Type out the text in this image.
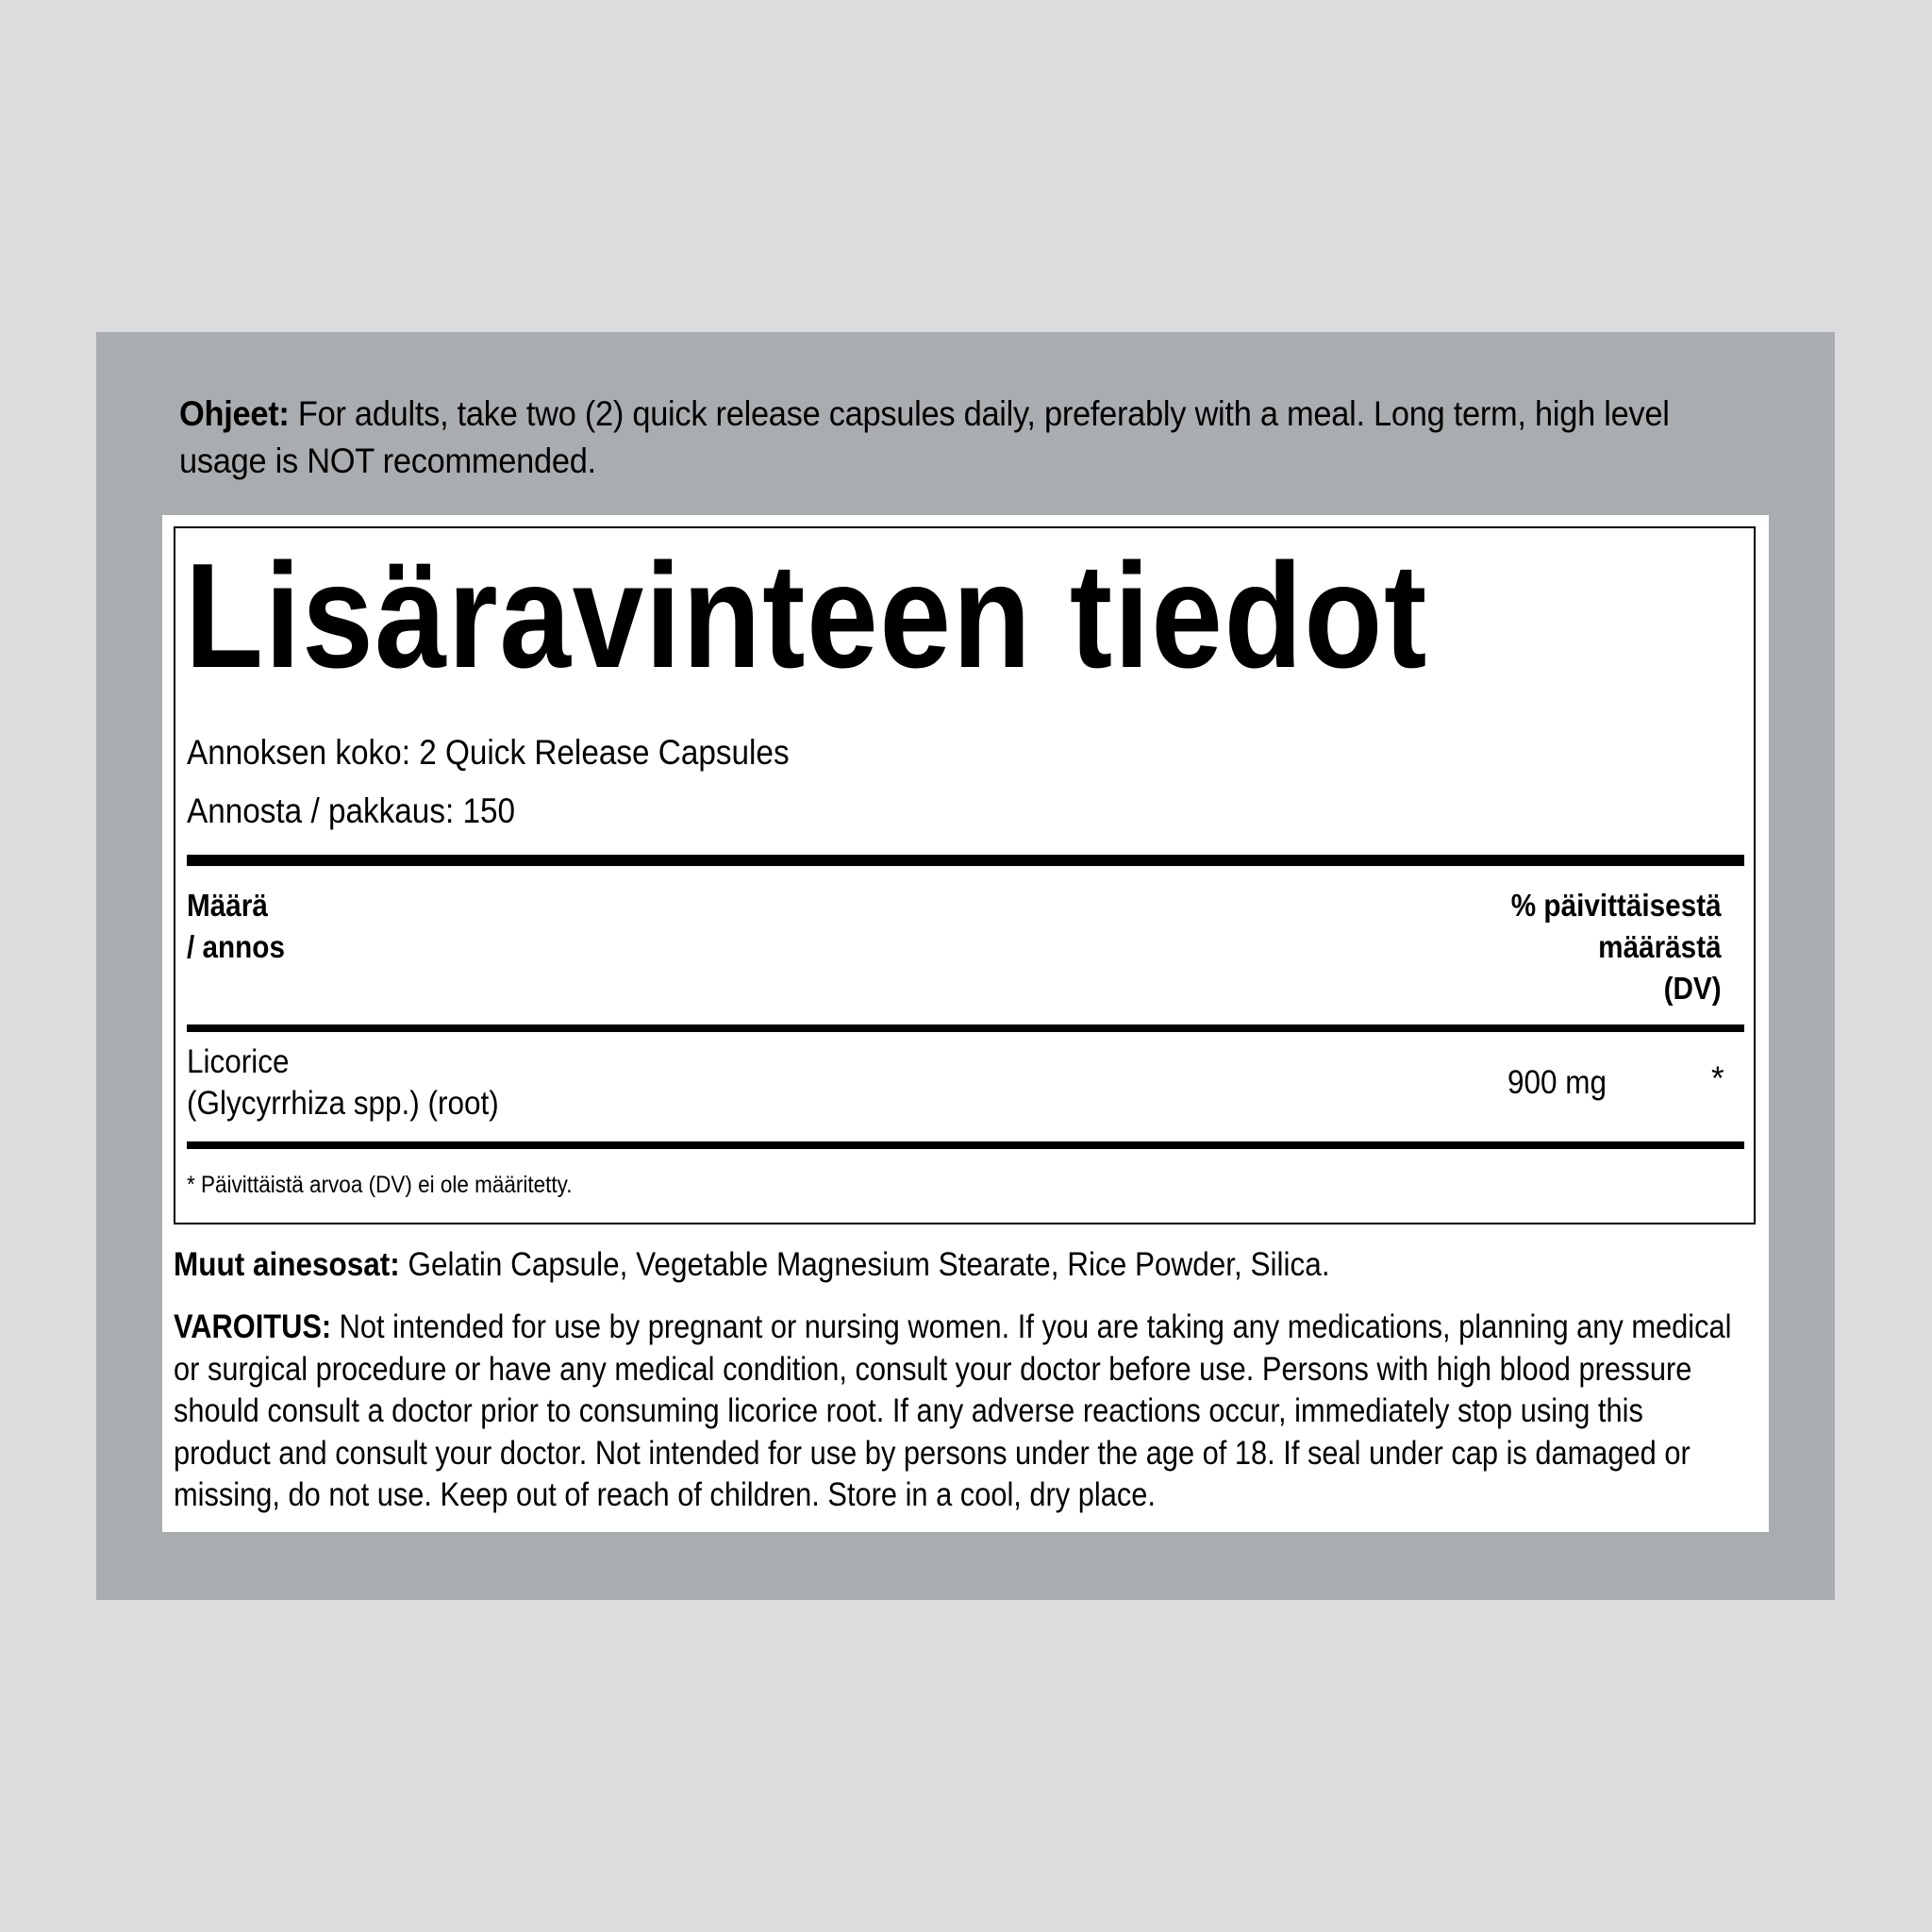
Ohjeet: For adults, take two (2) quick release capsules daily, preferably with a meal. Long term, high level usage is NOT recommended.
Lisäravinteen tiedot
Annoksen koko: 2 Quick Release Capsules
Annosta / pakkaus: 150
Määrä
/ annos
% päivittäisestä
määrästä
(DV)
Licorice
(Glycyrrhiza spp.) (root)
900 mg	*
* Päivittäistä arvoa (DV) ei ole määritetty.
Muut ainesosat: Gelatin Capsule, Vegetable Magnesium Stearate, Rice Powder, Silica.
VAROITUS: Not intended for use by pregnant or nursing women. If you are taking any medications, planning any medical
or surgical procedure or have any medical condition, consult your doctor before use. Persons with high blood pressure
should consult a doctor prior to consuming licorice root. If any adverse reactions occur, immediately stop using this
product and consult your doctor. Not intended for use by persons under the age of 18. If seal under cap is damaged or
missing, do not use. Keep out of reach of children. Store in a cool, dry place.
